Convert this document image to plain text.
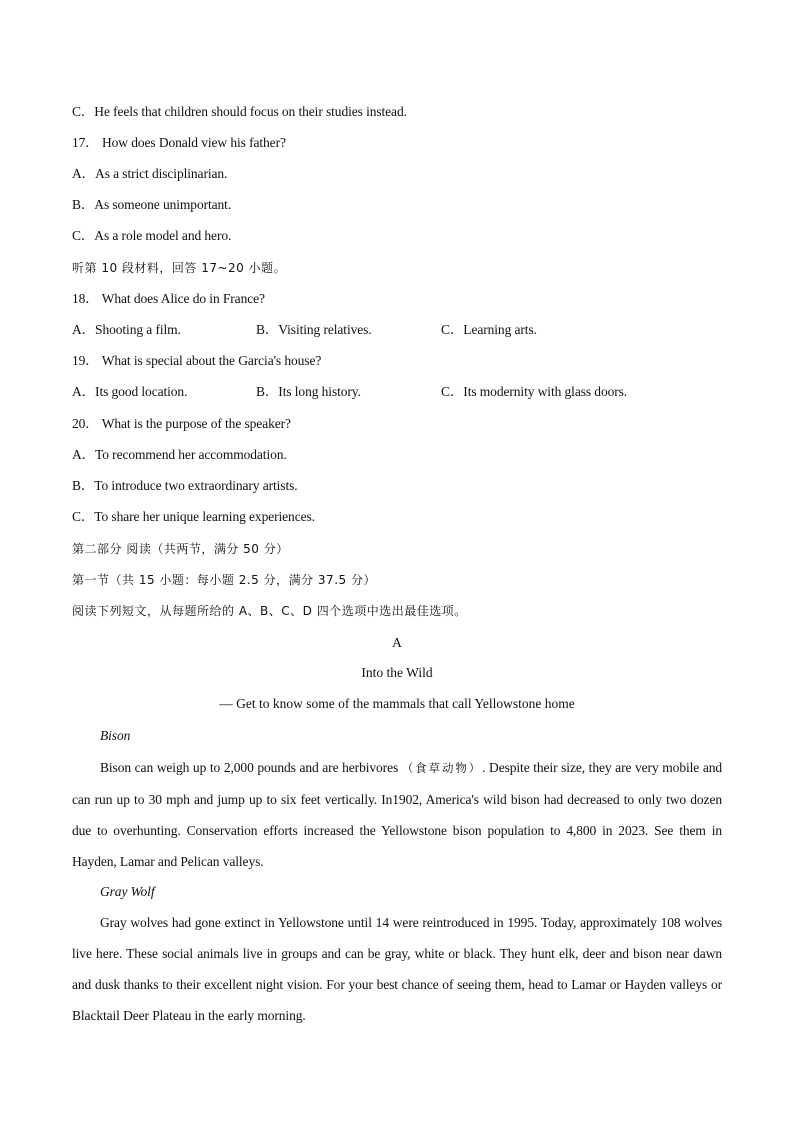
C．He feels that children should focus on their studies instead.
17． How does Donald view his father?
A．As a strict disciplinarian.
B．As someone unimportant.
C．As a role model and hero.
听第 10 段材料，回答 17~20 小题。
18． What does Alice do in France?
A．Shooting a film.	B．Visiting relatives.	C．Learning arts.
19． What is special about the Garcia's house?
A．Its good location.	B．Its long history.	C．Its modernity with glass doors.
20． What is the purpose of the speaker?
A．To recommend her accommodation.
B．To introduce two extraordinary artists.
C．To share her unique learning experiences.
第二部分 阅读（共两节，满分 50 分）
第一节（共 15 小题：每小题 2.5 分，满分 37.5 分）
阅读下列短文，从每题所给的 A、B、C、D 四个选项中选出最佳选项。
A
Into the Wild
— Get to know some of the mammals that call Yellowstone home
Bison
Bison can weigh up to 2,000 pounds and are herbivores （食草动物）. Despite their size, they are very mobile and can run up to 30 mph and jump up to six feet vertically. In1902, America's wild bison had decreased to only two dozen due to overhunting. Conservation efforts increased the Yellowstone bison population to 4,800 in 2023. See them in Hayden, Lamar and Pelican valleys.
Gray Wolf
Gray wolves had gone extinct in Yellowstone until 14 were reintroduced in 1995. Today, approximately 108 wolves live here. These social animals live in groups and can be gray, white or black. They hunt elk, deer and bison near dawn and dusk thanks to their excellent night vision. For your best chance of seeing them, head to Lamar or Hayden valleys or Blacktail Deer Plateau in the early morning.
